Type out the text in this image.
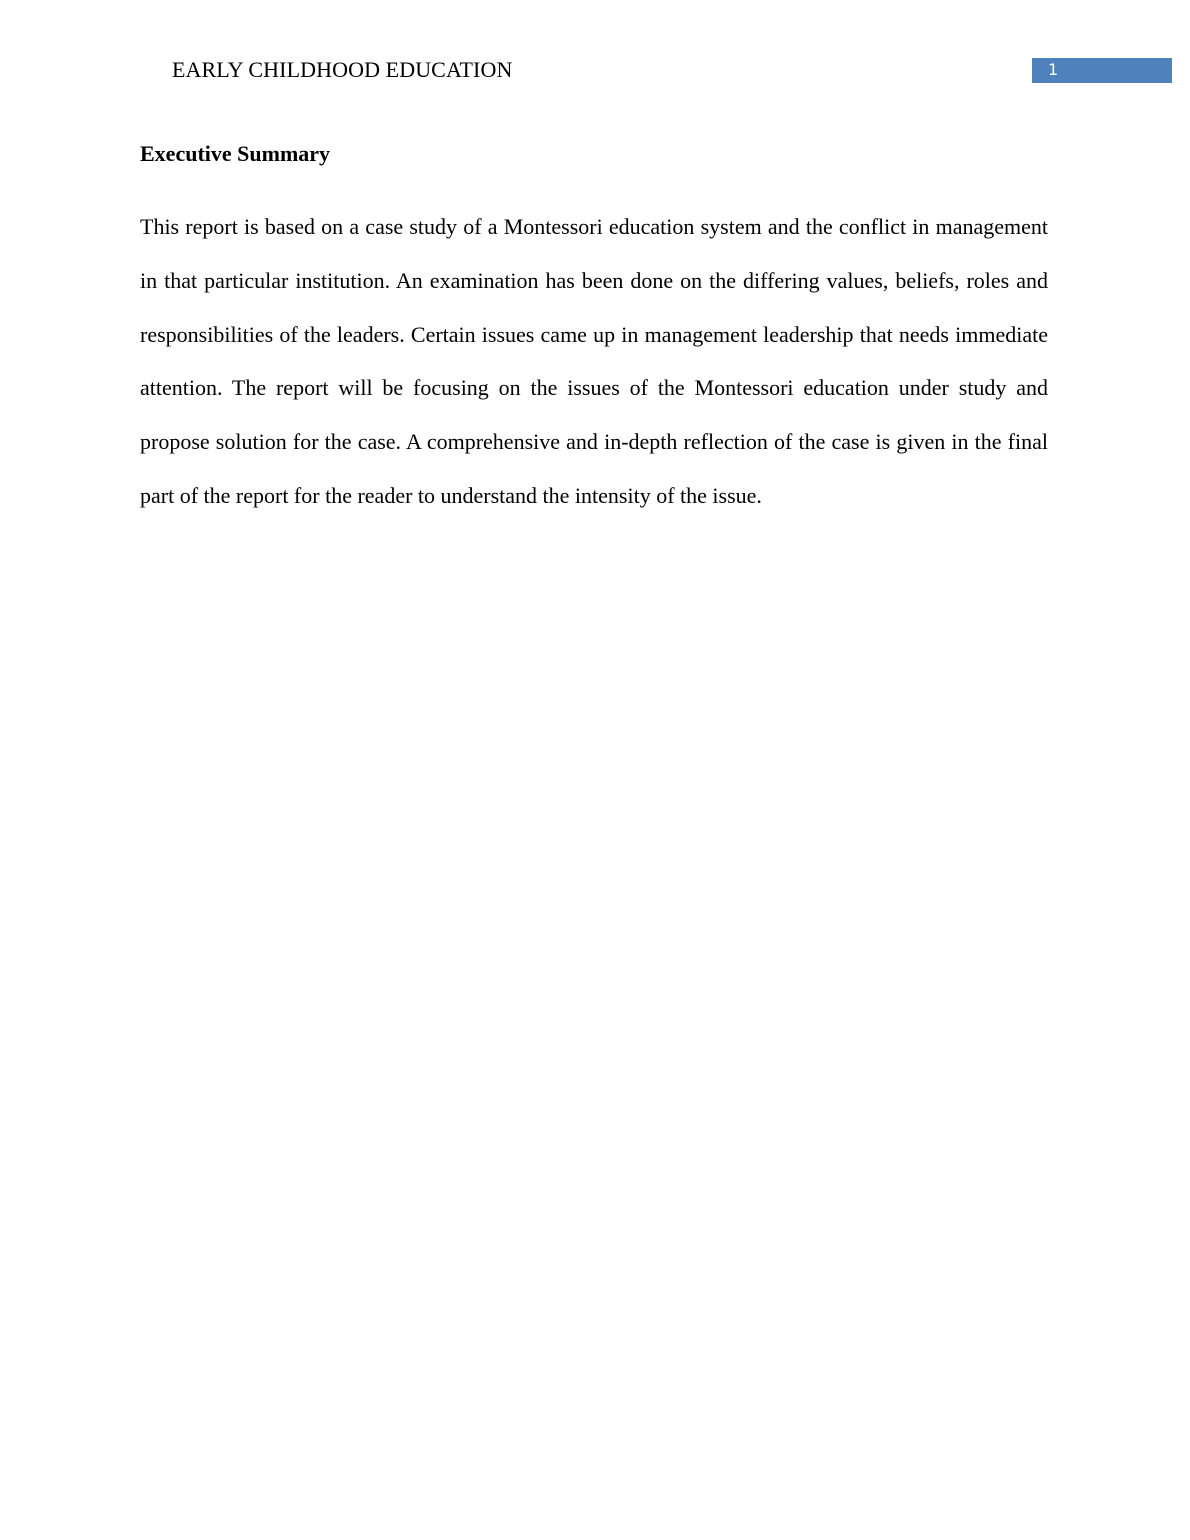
EARLY CHILDHOOD EDUCATION	1
Executive Summary

This report is based on a case study of a Montessori education system and the conflict in management in that particular institution. An examination has been done on the differing values, beliefs, roles and responsibilities of the leaders. Certain issues came up in management leadership that needs immediate attention. The report will be focusing on the issues of the Montessori education under study and propose solution for the case. A comprehensive and in-depth reflection of the case is given in the final part of the report for the reader to understand the intensity of the issue.
